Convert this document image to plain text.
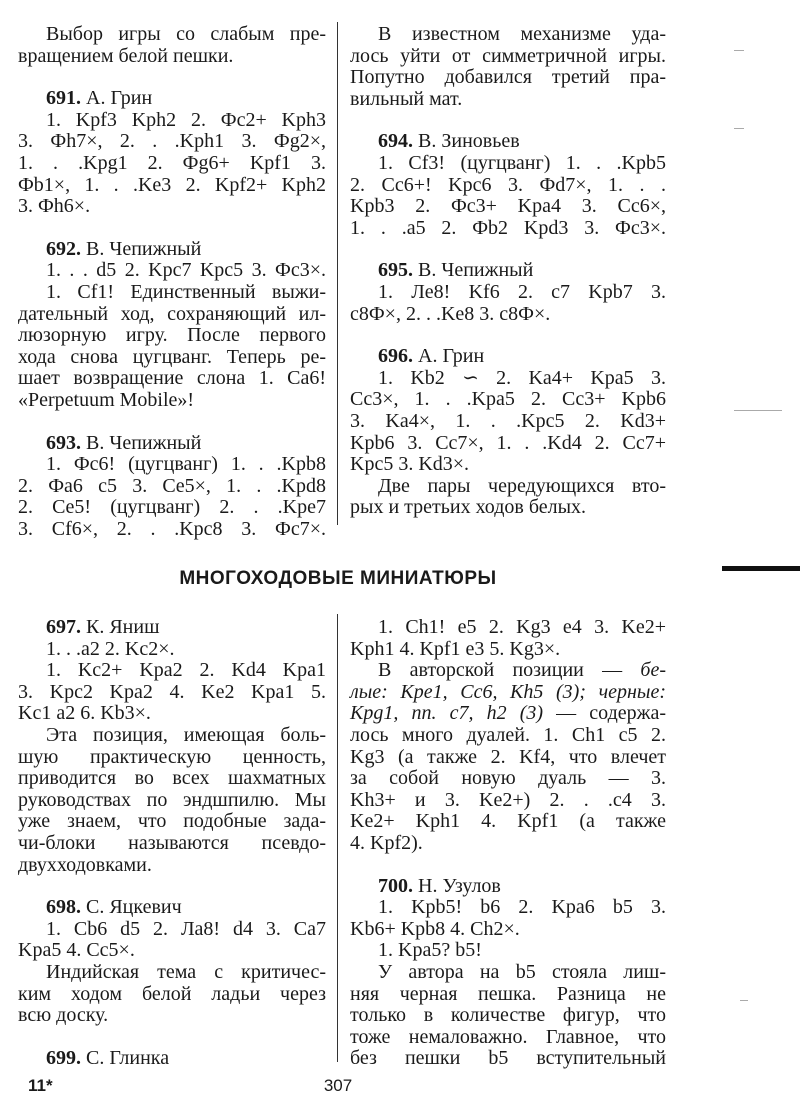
Выбор игры со слабым пре-

вращением белой пешки.

691. А. Грин

1. Kpf3 Kph2 2. Фc2+ Kph3

3. Фh7×, 2. . .Kph1 3. Фg2×,

1. . .Kpg1 2. Фg6+ Kpf1 3.

Фb1×, 1. . .Ke3 2. Kpf2+ Kph2

3. Фh6×.

692. В. Чепижный

1. . . d5 2. Kpc7 Kpc5 3. Фc3×.

1. Cf1! Единственный выжи-

дательный ход, сохраняющий ил-

люзорную игру. После первого

хода снова цугцванг. Теперь ре-

шает возвращение слона 1. Ca6!

«Perpetuum Mobile»!

693. В. Чепижный

1. Фc6! (цугцванг) 1. . .Kpb8

2. Фa6 c5 3. Ce5×, 1. . .Kpd8

2. Ce5! (цугцванг) 2. . .Kpe7

3. Cf6×, 2. . .Kpc8 3. Фc7×.

В известном механизме уда-

лось уйти от симметричной игры.

Попутно добавился третий пра-

вильный мат.

694. В. Зиновьев

1. Cf3! (цугцванг) 1. . .Kpb5

2. Cc6+! Kpc6 3. Фd7×, 1. . .

Kpb3 2. Фc3+ Kpa4 3. Cc6×,

1. . .a5 2. Фb2 Kpd3 3. Фc3×.

695. В. Чепижный

1. Лe8! Kf6 2. c7 Kpb7 3.

c8Ф×, 2. . .Ke8 3. c8Ф×.

696. А. Грин

1. Kb2 ∽ 2. Ka4+ Kpa5 3.

Cc3×, 1. . .Kpa5 2. Cc3+ Kpb6

3. Ka4×, 1. . .Kpc5 2. Kd3+

Kpb6 3. Cc7×, 1. . .Kd4 2. Cc7+

Kpc5 3. Kd3×.

Две пары чередующихся вто-

рых и третьих ходов белых.

МНОГОХОДОВЫЕ МИНИАТЮРЫ

697. К. Яниш

1. . .a2 2. Kc2×.

1. Kc2+ Kpa2 2. Kd4 Kpa1

3. Kpc2 Kpa2 4. Ke2 Kpa1 5.

Kc1 a2 6. Kb3×.

Эта позиция, имеющая боль-

шую практическую ценность,

приводится во всех шахматных

руководствах по эндшпилю. Мы

уже знаем, что подобные зада-

чи-блоки называются псевдо-

двухходовками.

698. С. Яцкевич

1. Cb6 d5 2. Лa8! d4 3. Ca7

Kpa5 4. Cc5×.

Индийская тема с критичес-

ким ходом белой ладьи через

всю доску.

699. С. Глинка

1. Ch1! e5 2. Kg3 e4 3. Ke2+

Kph1 4. Kpf1 e3 5. Kg3×.

В авторской позиции — бе-

лые: Kpe1, Cc6, Kh5 (3); черные:

Kpg1, пп. c7, h2 (3) — содержа-

лось много дуалей. 1. Ch1 c5 2.

Kg3 (а также 2. Kf4, что влечет

за собой новую дуаль — 3.

Kh3+ и 3. Ke2+) 2. . .c4 3.

Ke2+ Kph1 4. Kpf1 (а также

4. Kpf2).

700. Н. Узулов

1. Kpb5! b6 2. Kpa6 b5 3.

Kb6+ Kpb8 4. Ch2×.

1. Kpa5? b5!

У автора на b5 стояла лиш-

няя черная пешка. Разница не

только в количестве фигур, что

тоже немаловажно. Главное, что

без пешки b5 вступительный

11*	307
